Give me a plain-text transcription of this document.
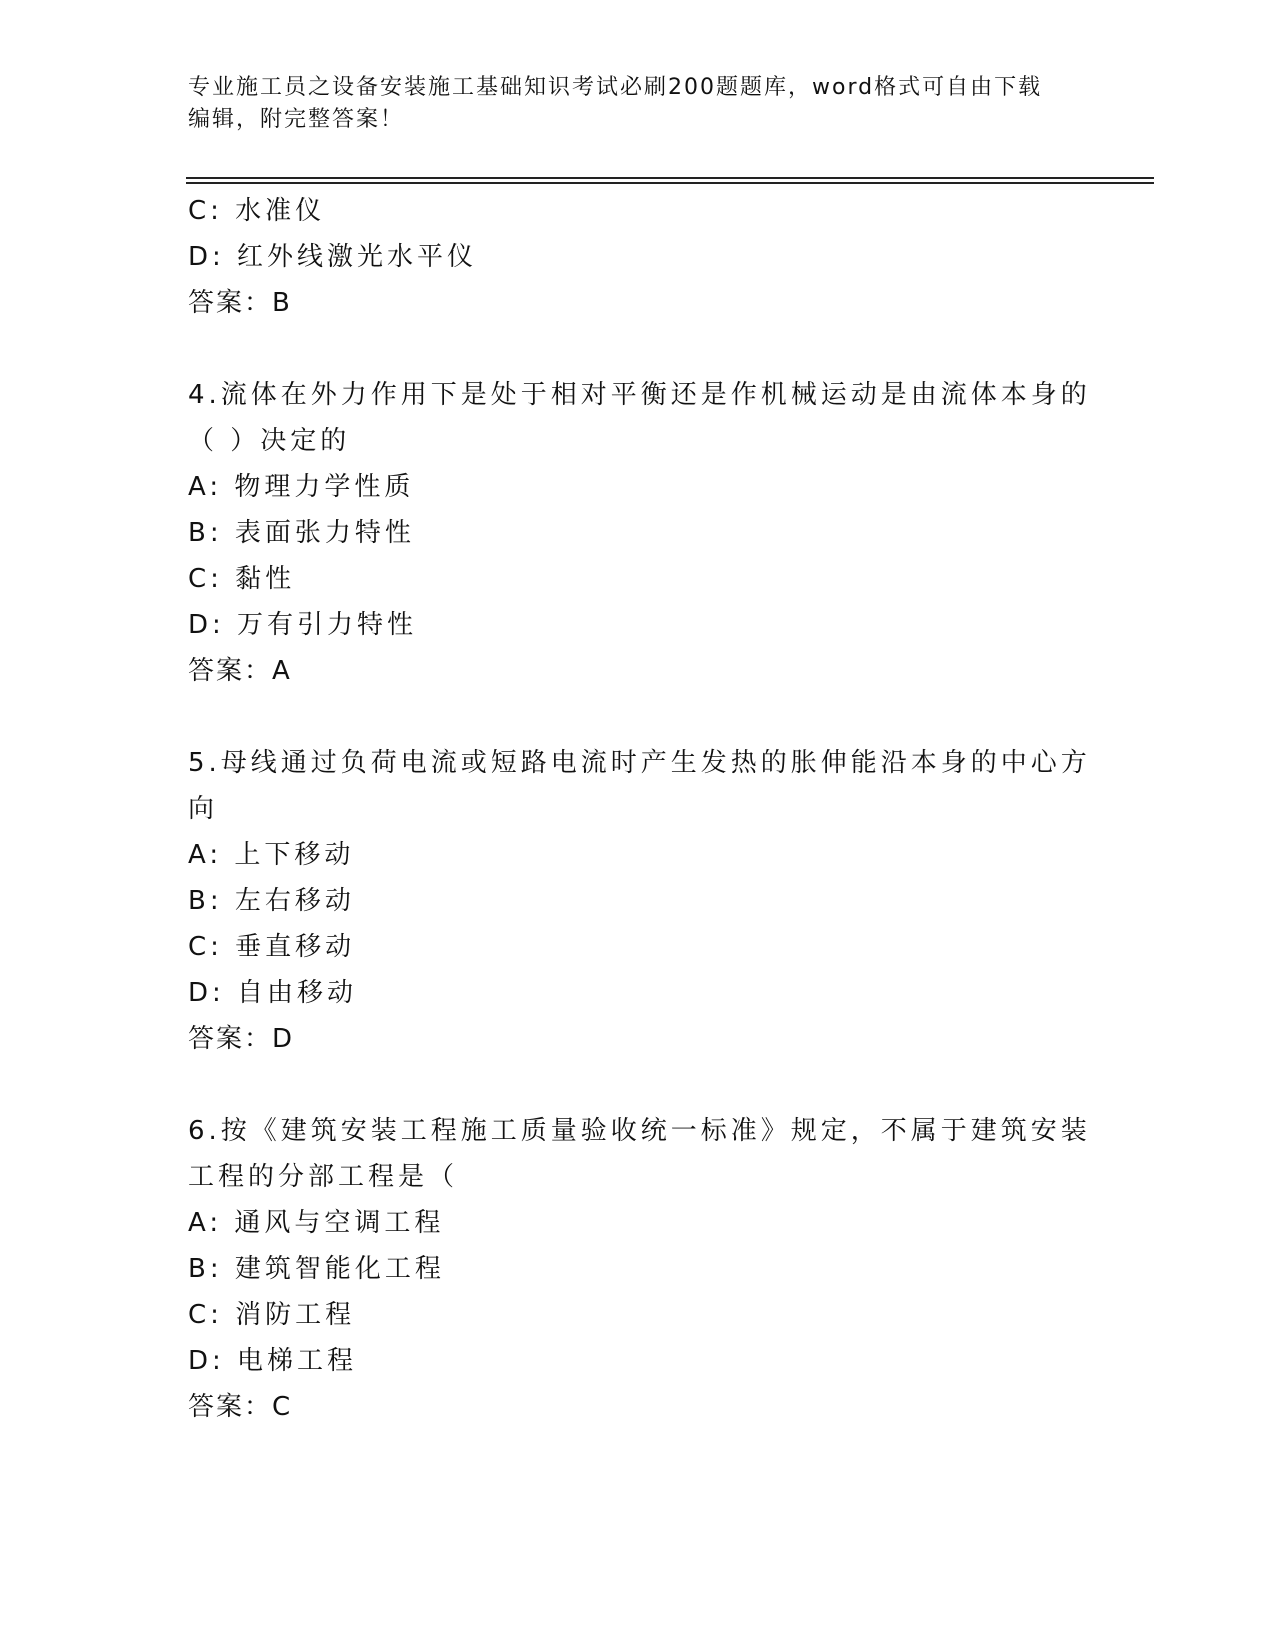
专业施工员之设备安装施工基础知识考试必刷200题题库，word格式可自由下载
编辑，附完整答案！
C: 水准仪
D: 红外线激光水平仪
答案：B
4.流体在外力作用下是处于相对平衡还是作机械运动是由流体本身的
（ ）决定的
A: 物理力学性质
B: 表面张力特性
C: 黏性
D: 万有引力特性
答案：A
5.母线通过负荷电流或短路电流时产生发热的胀伸能沿本身的中心方
向
A: 上下移动
B: 左右移动
C: 垂直移动
D: 自由移动
答案：D
6.按《建筑安装工程施工质量验收统一标准》规定，不属于建筑安装
工程的分部工程是（
A: 通风与空调工程
B: 建筑智能化工程
C: 消防工程
D: 电梯工程
答案：C
